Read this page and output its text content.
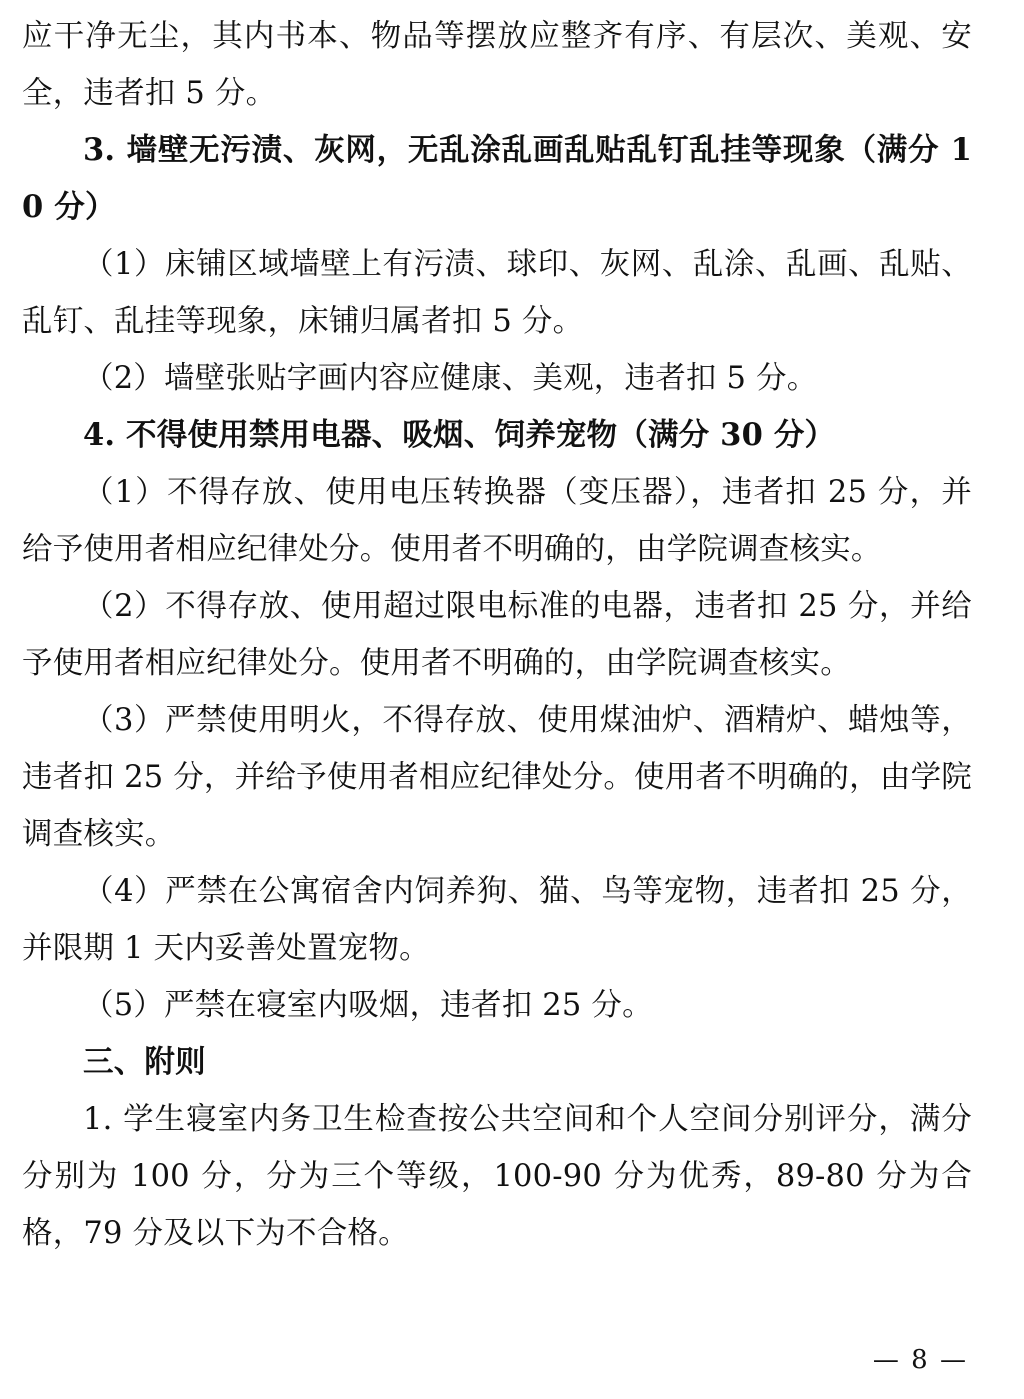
应干净无尘，其内书本、物品等摆放应整齐有序、有层次、美观、安全，违者扣 5 分。

3. 墙壁无污渍、灰网，无乱涂乱画乱贴乱钉乱挂等现象（满分 10 分）

（1）床铺区域墙壁上有污渍、球印、灰网、乱涂、乱画、乱贴、乱钉、乱挂等现象，床铺归属者扣 5 分。

（2）墙壁张贴字画内容应健康、美观，违者扣 5 分。

4. 不得使用禁用电器、吸烟、饲养宠物（满分 30 分）

（1）不得存放、使用电压转换器（变压器），违者扣 25 分，并给予使用者相应纪律处分。使用者不明确的，由学院调查核实。

（2）不得存放、使用超过限电标准的电器，违者扣 25 分，并给予使用者相应纪律处分。使用者不明确的，由学院调查核实。

（3）严禁使用明火，不得存放、使用煤油炉、酒精炉、蜡烛等，违者扣 25 分，并给予使用者相应纪律处分。使用者不明确的，由学院调查核实。

（4）严禁在公寓宿舍内饲养狗、猫、鸟等宠物，违者扣 25 分，并限期 1 天内妥善处置宠物。

（5）严禁在寝室内吸烟，违者扣 25 分。

三、附则

1. 学生寝室内务卫生检查按公共空间和个人空间分别评分，满分分别为 100 分，分为三个等级，100-90 分为优秀，89-80 分为合格，79 分及以下为不合格。

— 8 —
